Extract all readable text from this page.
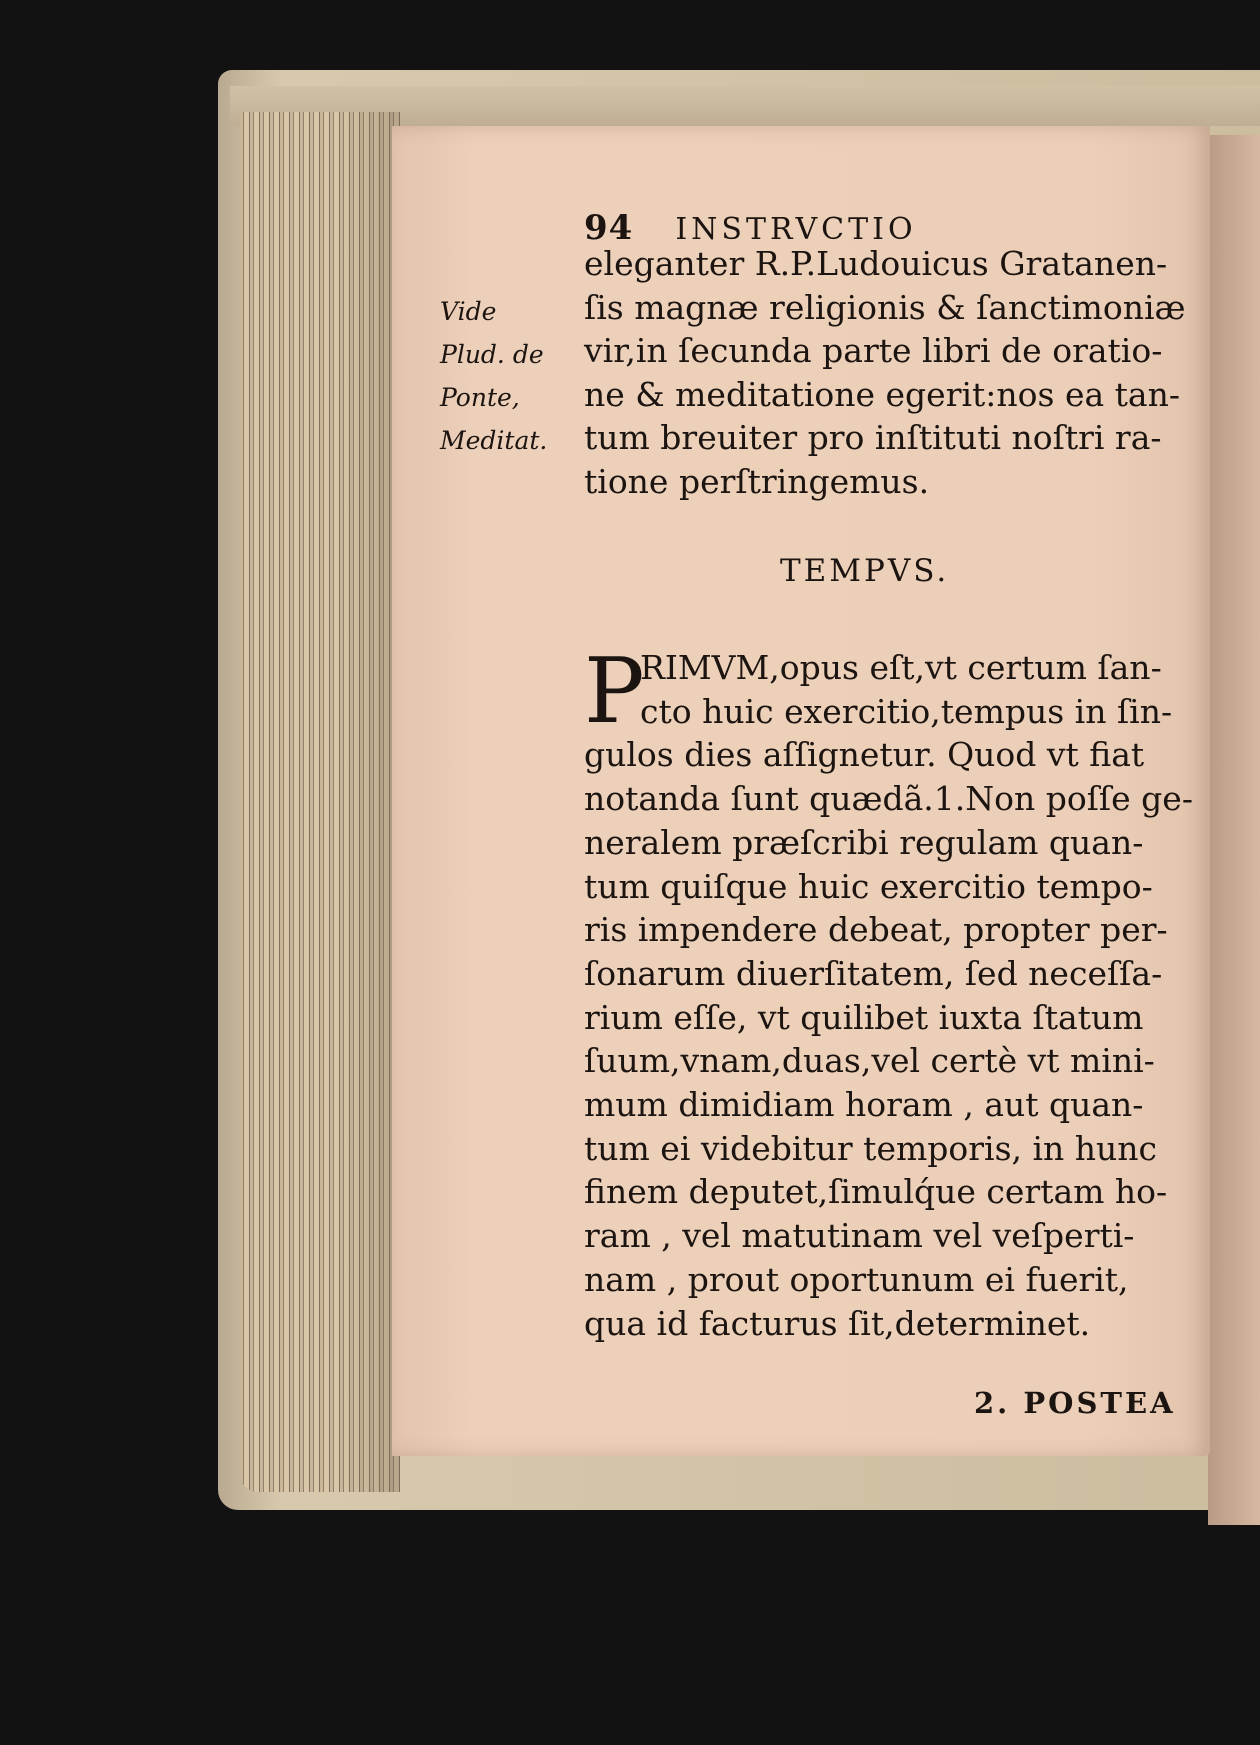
94 INSTRVCTIO
Vide
Plud. de
Ponte,
Meditat.
eleganter R.P.Ludouicus Gratanen-
ſis magnæ religionis & ſanctimoniæ
vir,in ſecunda parte libri de oratio-
ne & meditatione egerit:nos ea tan-
tum breuiter pro inſtituti noſtri ra-
tione perſtringemus.
TEMPVS.
P
RIMVM,opus eſt,vt certum ſan-
cto huic exercitio,tempus in ſin-
gulos dies aſſignetur. Quod vt fiat
notanda ſunt quædã.1.Non poſſe ge-
neralem præſcribi regulam quan-
tum quiſque huic exercitio tempo-
ris impendere debeat, propter per-
ſonarum diuerſitatem, ſed neceſſa-
rium eſſe, vt quilibet iuxta ſtatum
ſuum,vnam,duas,vel certè vt mini-
mum dimidiam horam , aut quan-
tum ei videbitur temporis, in hunc
finem deputet,ſimulq́ue certam ho-
ram , vel matutinam vel veſperti-
nam , prout oportunum ei fuerit,
qua id facturus ſit,determinet.
2. POSTEA
